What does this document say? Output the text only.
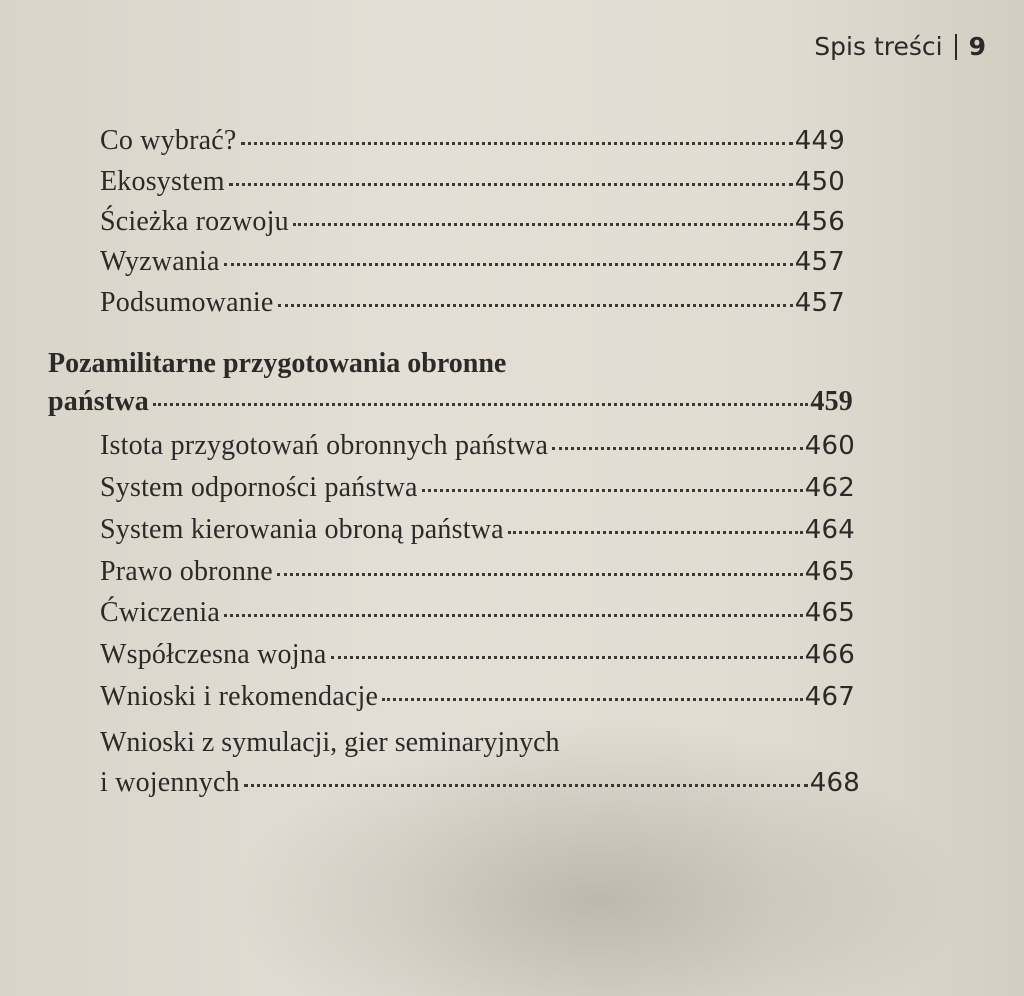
Spis treści 9
Co wybrać?	449
Ekosystem	450
Ścieżka rozwoju	456
Wyzwania	457
Podsumowanie	457
Pozamilitarne przygotowania obronne
państwa	459
Istota przygotowań obronnych państwa	460
System odporności państwa	462
System kierowania obroną państwa	464
Prawo obronne	465
Ćwiczenia	465
Współczesna wojna	466
Wnioski i rekomendacje	467
Wnioski z symulacji, gier seminaryjnych
i wojennych	468
